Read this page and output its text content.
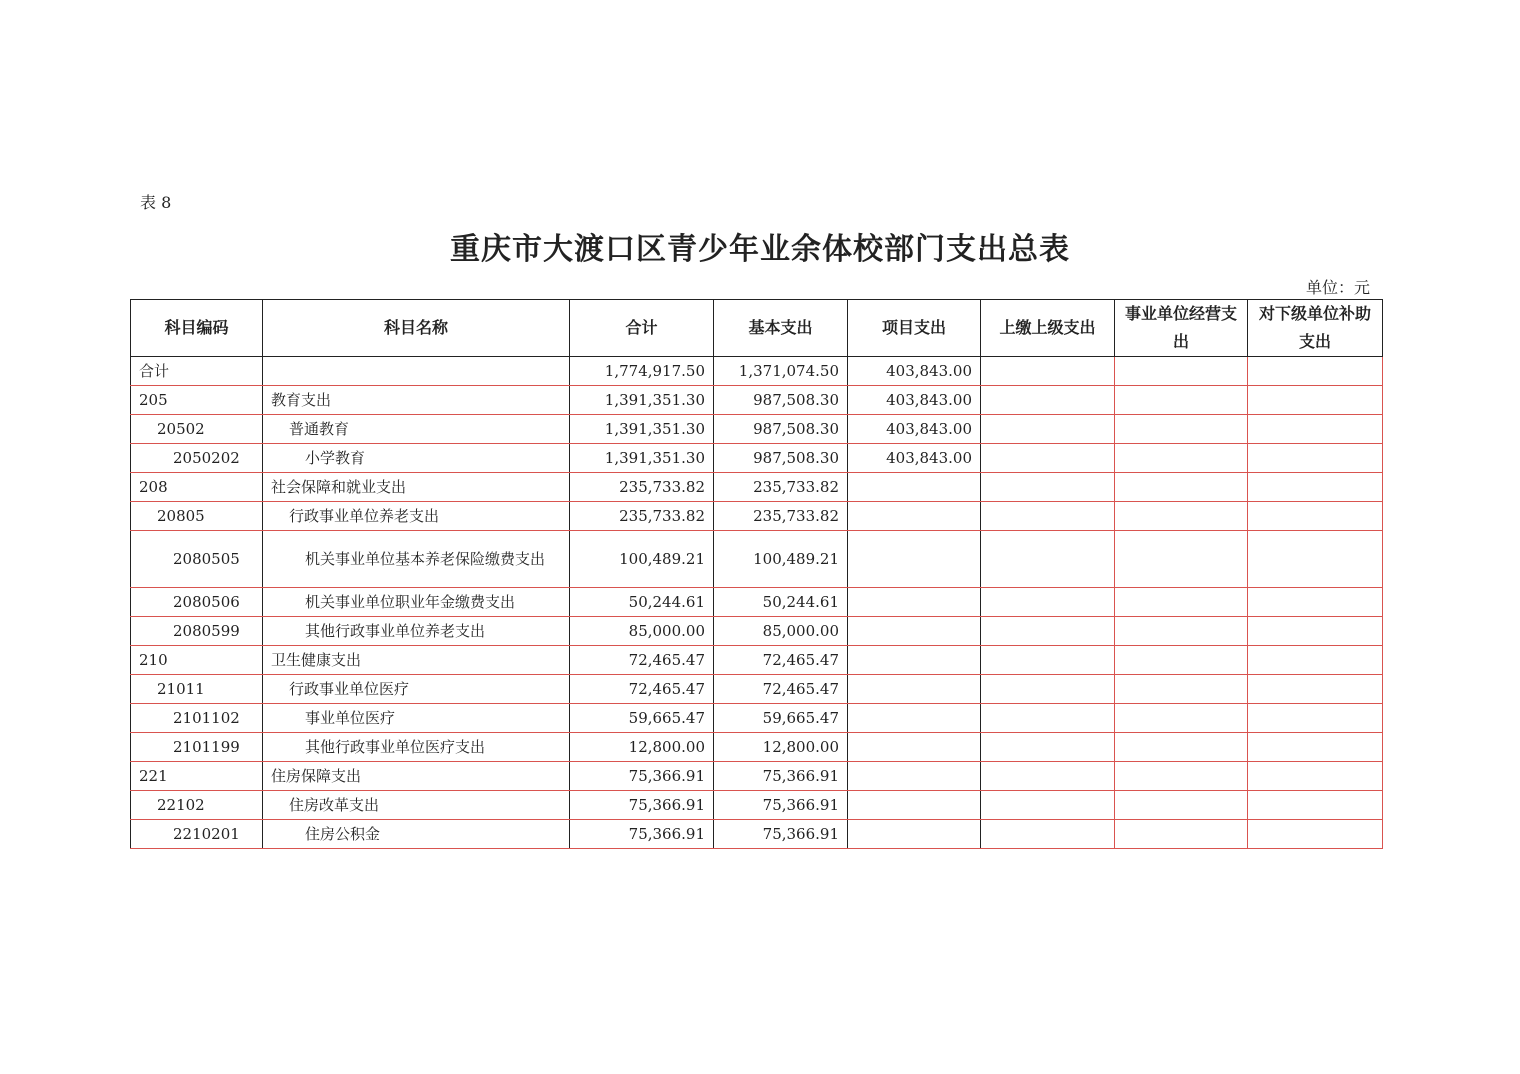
表 8
重庆市大渡口区青少年业余体校部门支出总表
单位：元
科目编码	科目名称	合计	基本支出	项目支出	上缴上级支出	事业单位经营支出	对下级单位补助支出
合计		1,774,917.50	1,371,074.50	403,843.00			
205	教育支出	1,391,351.30	987,508.30	403,843.00			
20502	普通教育	1,391,351.30	987,508.30	403,843.00			
2050202	小学教育	1,391,351.30	987,508.30	403,843.00			
208	社会保障和就业支出	235,733.82	235,733.82				
20805	行政事业单位养老支出	235,733.82	235,733.82				
2080505	机关事业单位基本养老保险缴费支出	100,489.21	100,489.21				
2080506	机关事业单位职业年金缴费支出	50,244.61	50,244.61				
2080599	其他行政事业单位养老支出	85,000.00	85,000.00				
210	卫生健康支出	72,465.47	72,465.47				
21011	行政事业单位医疗	72,465.47	72,465.47				
2101102	事业单位医疗	59,665.47	59,665.47				
2101199	其他行政事业单位医疗支出	12,800.00	12,800.00				
221	住房保障支出	75,366.91	75,366.91				
22102	住房改革支出	75,366.91	75,366.91				
2210201	住房公积金	75,366.91	75,366.91				
